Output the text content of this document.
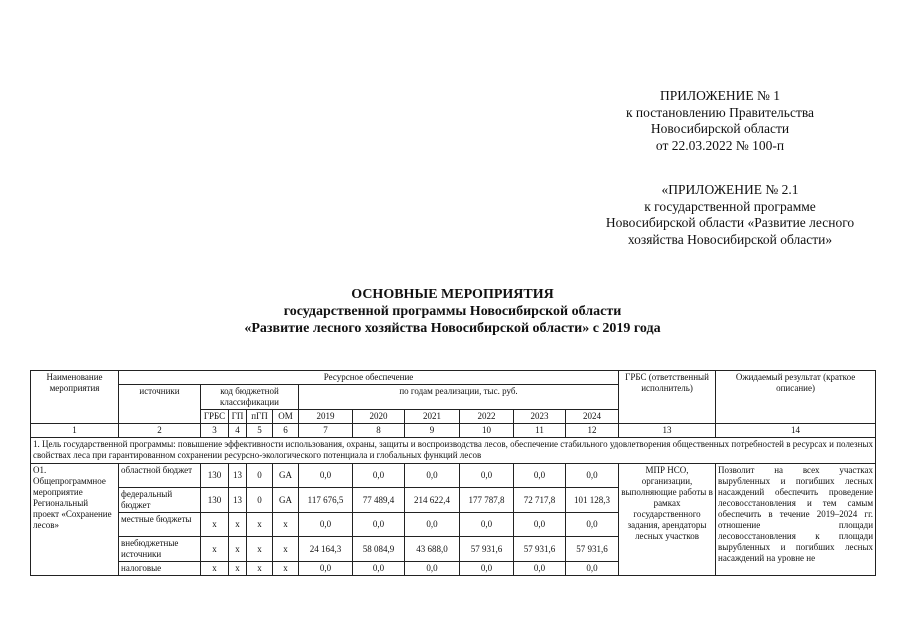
ПРИЛОЖЕНИЕ № 1
к постановлению Правительства
Новосибирской области
от 22.03.2022 № 100-п
«ПРИЛОЖЕНИЕ № 2.1
к государственной программе
Новосибирской области «Развитие лесного
хозяйства Новосибирской области»
ОСНОВНЫЕ МЕРОПРИЯТИЯ
государственной программы Новосибирской области
«Развитие лесного хозяйства Новосибирской области» с 2019 года
Наименование мероприятия	Ресурсное обеспечение											ГРБС (ответственный исполнитель)	Ожидаемый результат (краткое описание)
	источники	код бюджетной классификации				по годам реализации, тыс. руб.							
		ГРБС	ГП	пГП	ОМ	2019	2020	2021	2022	2023	2024		
1	2	3	4	5	6	7	8	9	10	11	12	13	14
1. Цель государственной программы: повышение эффективности использования, охраны, защиты и воспроизводства лесов, обеспечение стабильного удовлетворения общественных потребностей в ресурсах и полезных свойствах леса при гарантированном сохранении ресурсно-экологического потенциала и глобальных функций лесов													
О1. Общепрограммное мероприятие Региональный проект «Сохранение лесов»	областной бюджет	130	13	0	GA	0,0	0,0	0,0	0,0	0,0	0,0	МПР НСО, организации, выполняющие работы в рамках государственного задания, арендаторы лесных участков	Позволит на всех участках вырубленных и погибших лесных насаждений обеспечить проведение лесовосстановления и тем самым обеспечить в течение 2019–2024 гг. отношение площади лесовосстановления к площади вырубленных и погибших лесных насаждений на уровне не
	федеральный бюджет	130	13	0	GA	117 676,5	77 489,4	214 622,4	177 787,8	72 717,8	101 128,3		
	местные бюджеты	x	x	x	x	0,0	0,0	0,0	0,0	0,0	0,0		
	внебюджетные источники	x	x	x	x	24 164,3	58 084,9	43 688,0	57 931,6	57 931,6	57 931,6		
	налоговые	x	x	x	x	0,0	0,0	0,0	0,0	0,0	0,0		
